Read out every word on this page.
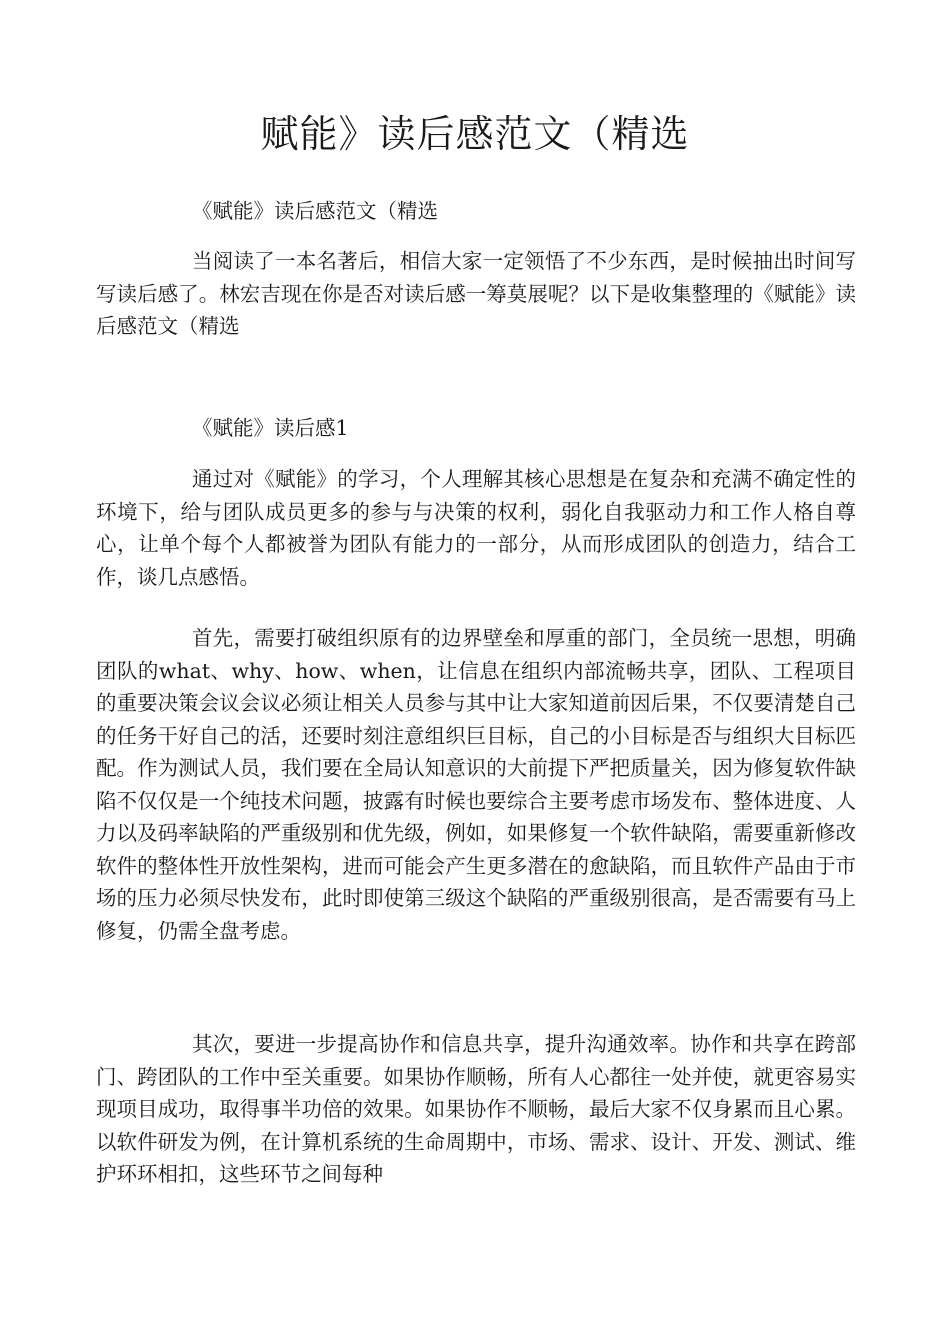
赋能》读后感范文（精选

《赋能》读后感范文（精选

当阅读了一本名著后，相信大家一定领悟了不少东西，是时候抽出时间写写读后感了。林宏吉现在你是否对读后感一筹莫展呢？以下是收集整理的《赋能》读后感范文（精选

《赋能》读后感1

通过对《赋能》的学习，个人理解其核心思想是在复杂和充满不确定性的环境下，给与团队成员更多的参与与决策的权利，弱化自我驱动力和工作人格自尊心，让单个每个人都被誉为团队有能力的一部分，从而形成团队的创造力，结合工作，谈几点感悟。

首先，需要打破组织原有的边界壁垒和厚重的部门，全员统一思想，明确团队的what、why、how、when，让信息在组织内部流畅共享，团队、工程项目的重要决策会议会议必须让相关人员参与其中让大家知道前因后果，不仅要清楚自己的任务干好自己的活，还要时刻注意组织巨目标，自己的小目标是否与组织大目标匹配。作为测试人员，我们要在全局认知意识的大前提下严把质量关，因为修复软件缺陷不仅仅是一个纯技术问题，披露有时候也要综合主要考虑市场发布、整体进度、人力以及码率缺陷的严重级别和优先级，例如，如果修复一个软件缺陷，需要重新修改软件的整体性开放性架构，进而可能会产生更多潜在的愈缺陷，而且软件产品由于市场的压力必须尽快发布，此时即使第三级这个缺陷的严重级别很高，是否需要有马上修复，仍需全盘考虑。

其次，要进一步提高协作和信息共享，提升沟通效率。协作和共享在跨部门、跨团队的工作中至关重要。如果协作顺畅，所有人心都往一处并使，就更容易实现项目成功，取得事半功倍的效果。如果协作不顺畅，最后大家不仅身累而且心累。以软件研发为例，在计算机系统的生命周期中，市场、需求、设计、开发、测试、维护环环相扣，这些环节之间每种
